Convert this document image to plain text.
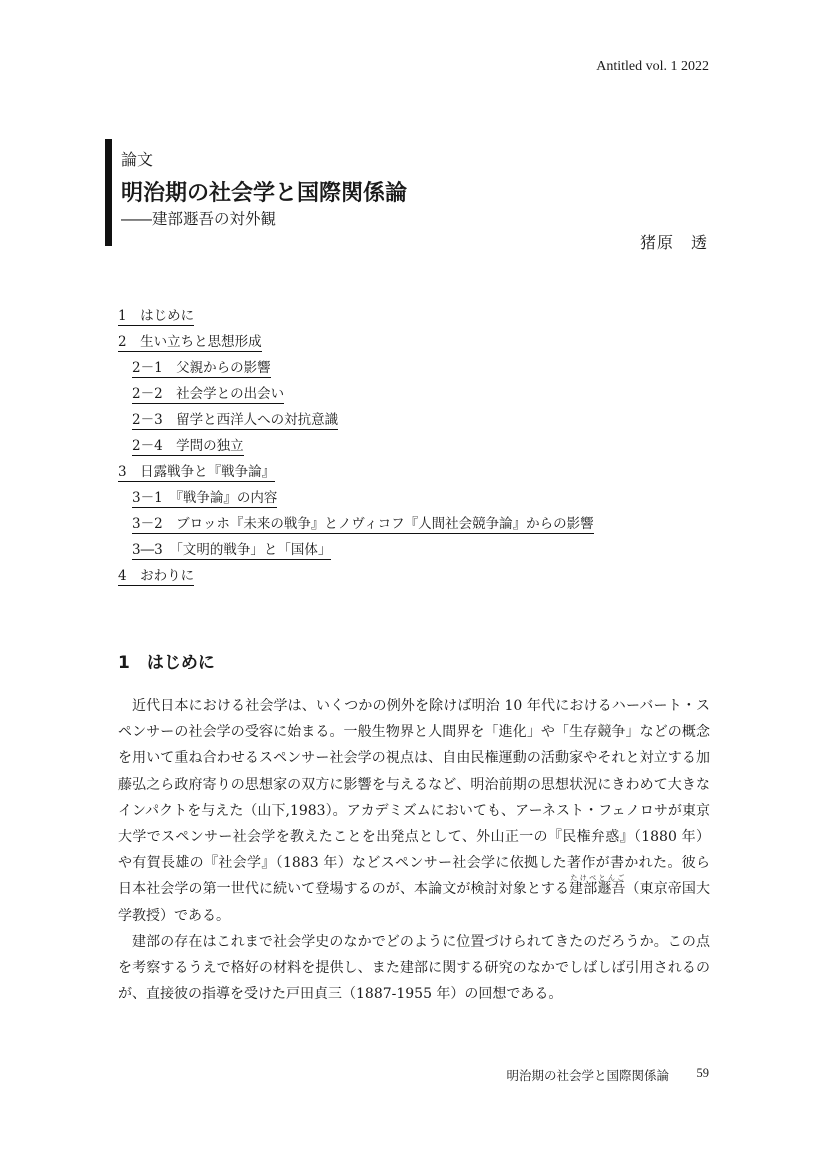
Antitled vol. 1 2022
論文
明治期の社会学と国際関係論
――建部遯吾の対外観
猪原　透
1　はじめに
2　生い立ちと思想形成
2－1　父親からの影響
2－2　社会学との出会い
2－3　留学と西洋人への対抗意識
2－4　学問の独立
3　日露戦争と『戦争論』
3－1　『戦争論』の内容
3－2　ブロッホ『未来の戦争』とノヴィコフ『人間社会競争論』からの影響
3―3　「文明的戦争」と「国体」
4　おわりに
1　はじめに

近代日本における社会学は、いくつかの例外を除けば明治 10 年代におけるハーバート・スペンサーの社会学の受容に始まる。一般生物界と人間界を「進化」や「生存競争」などの概念を用いて重ね合わせるスペンサー社会学の視点は、自由民権運動の活動家やそれと対立する加藤弘之ら政府寄りの思想家の双方に影響を与えるなど、明治前期の思想状況にきわめて大きなインパクトを与えた（山下,1983）。アカデミズムにおいても、アーネスト・フェノロサが東京大学でスペンサー社会学を教えたことを出発点として、外山正一の『民権弁惑』（1880 年）や有賀長雄の『社会学』（1883 年）などスペンサー社会学に依拠した著作が書かれた。彼ら日本社会学の第一世代に続いて登場するのが、本論文が検討対象とする建部遯吾たけべとんご（東京帝国大学教授）である。

建部の存在はこれまで社会学史のなかでどのように位置づけられてきたのだろうか。この点を考察するうえで格好の材料を提供し、また建部に関する研究のなかでしばしば引用されるのが、直接彼の指導を受けた戸田貞三（1887-1955 年）の回想である。

明治期の社会学と国際関係論 59
